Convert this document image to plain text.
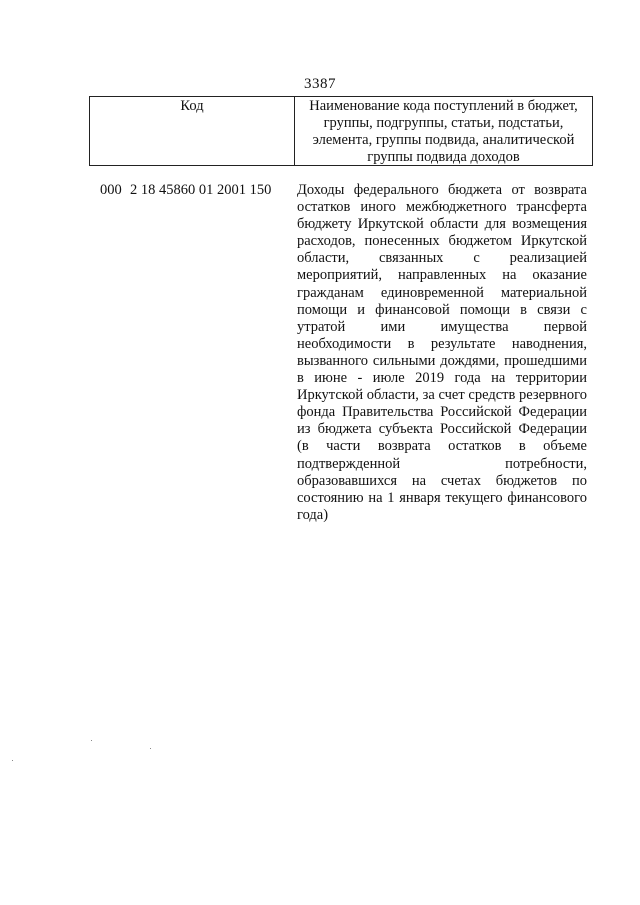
3387
Код	Наименование кода поступлений в бюджет, группы, подгруппы, статьи, подстатьи, элемента, группы подвида, аналитической группы подвида доходов
000 2 18 45860 01 2001 150 Доходы федерального бюджета от возврата остатков иного межбюджетного трансферта бюджету Иркутской области для возмещения расходов, понесенных бюджетом Иркутской области, связанных с реализацией мероприятий, направленных на оказание гражданам единовременной материальной помощи и финансовой помощи в связи с утратой ими имущества первой необходимости в результате наводнения, вызванного сильными дождями, прошедшими в июне - июле 2019 года на территории Иркутской области, за счет средств резервного фонда Правительства Российской Федерации из бюджета субъекта Российской Федерации (в части возврата остатков в объеме подтвержденной потребности, образовавшихся на счетах бюджетов по состоянию на 1 января текущего финансового года)
